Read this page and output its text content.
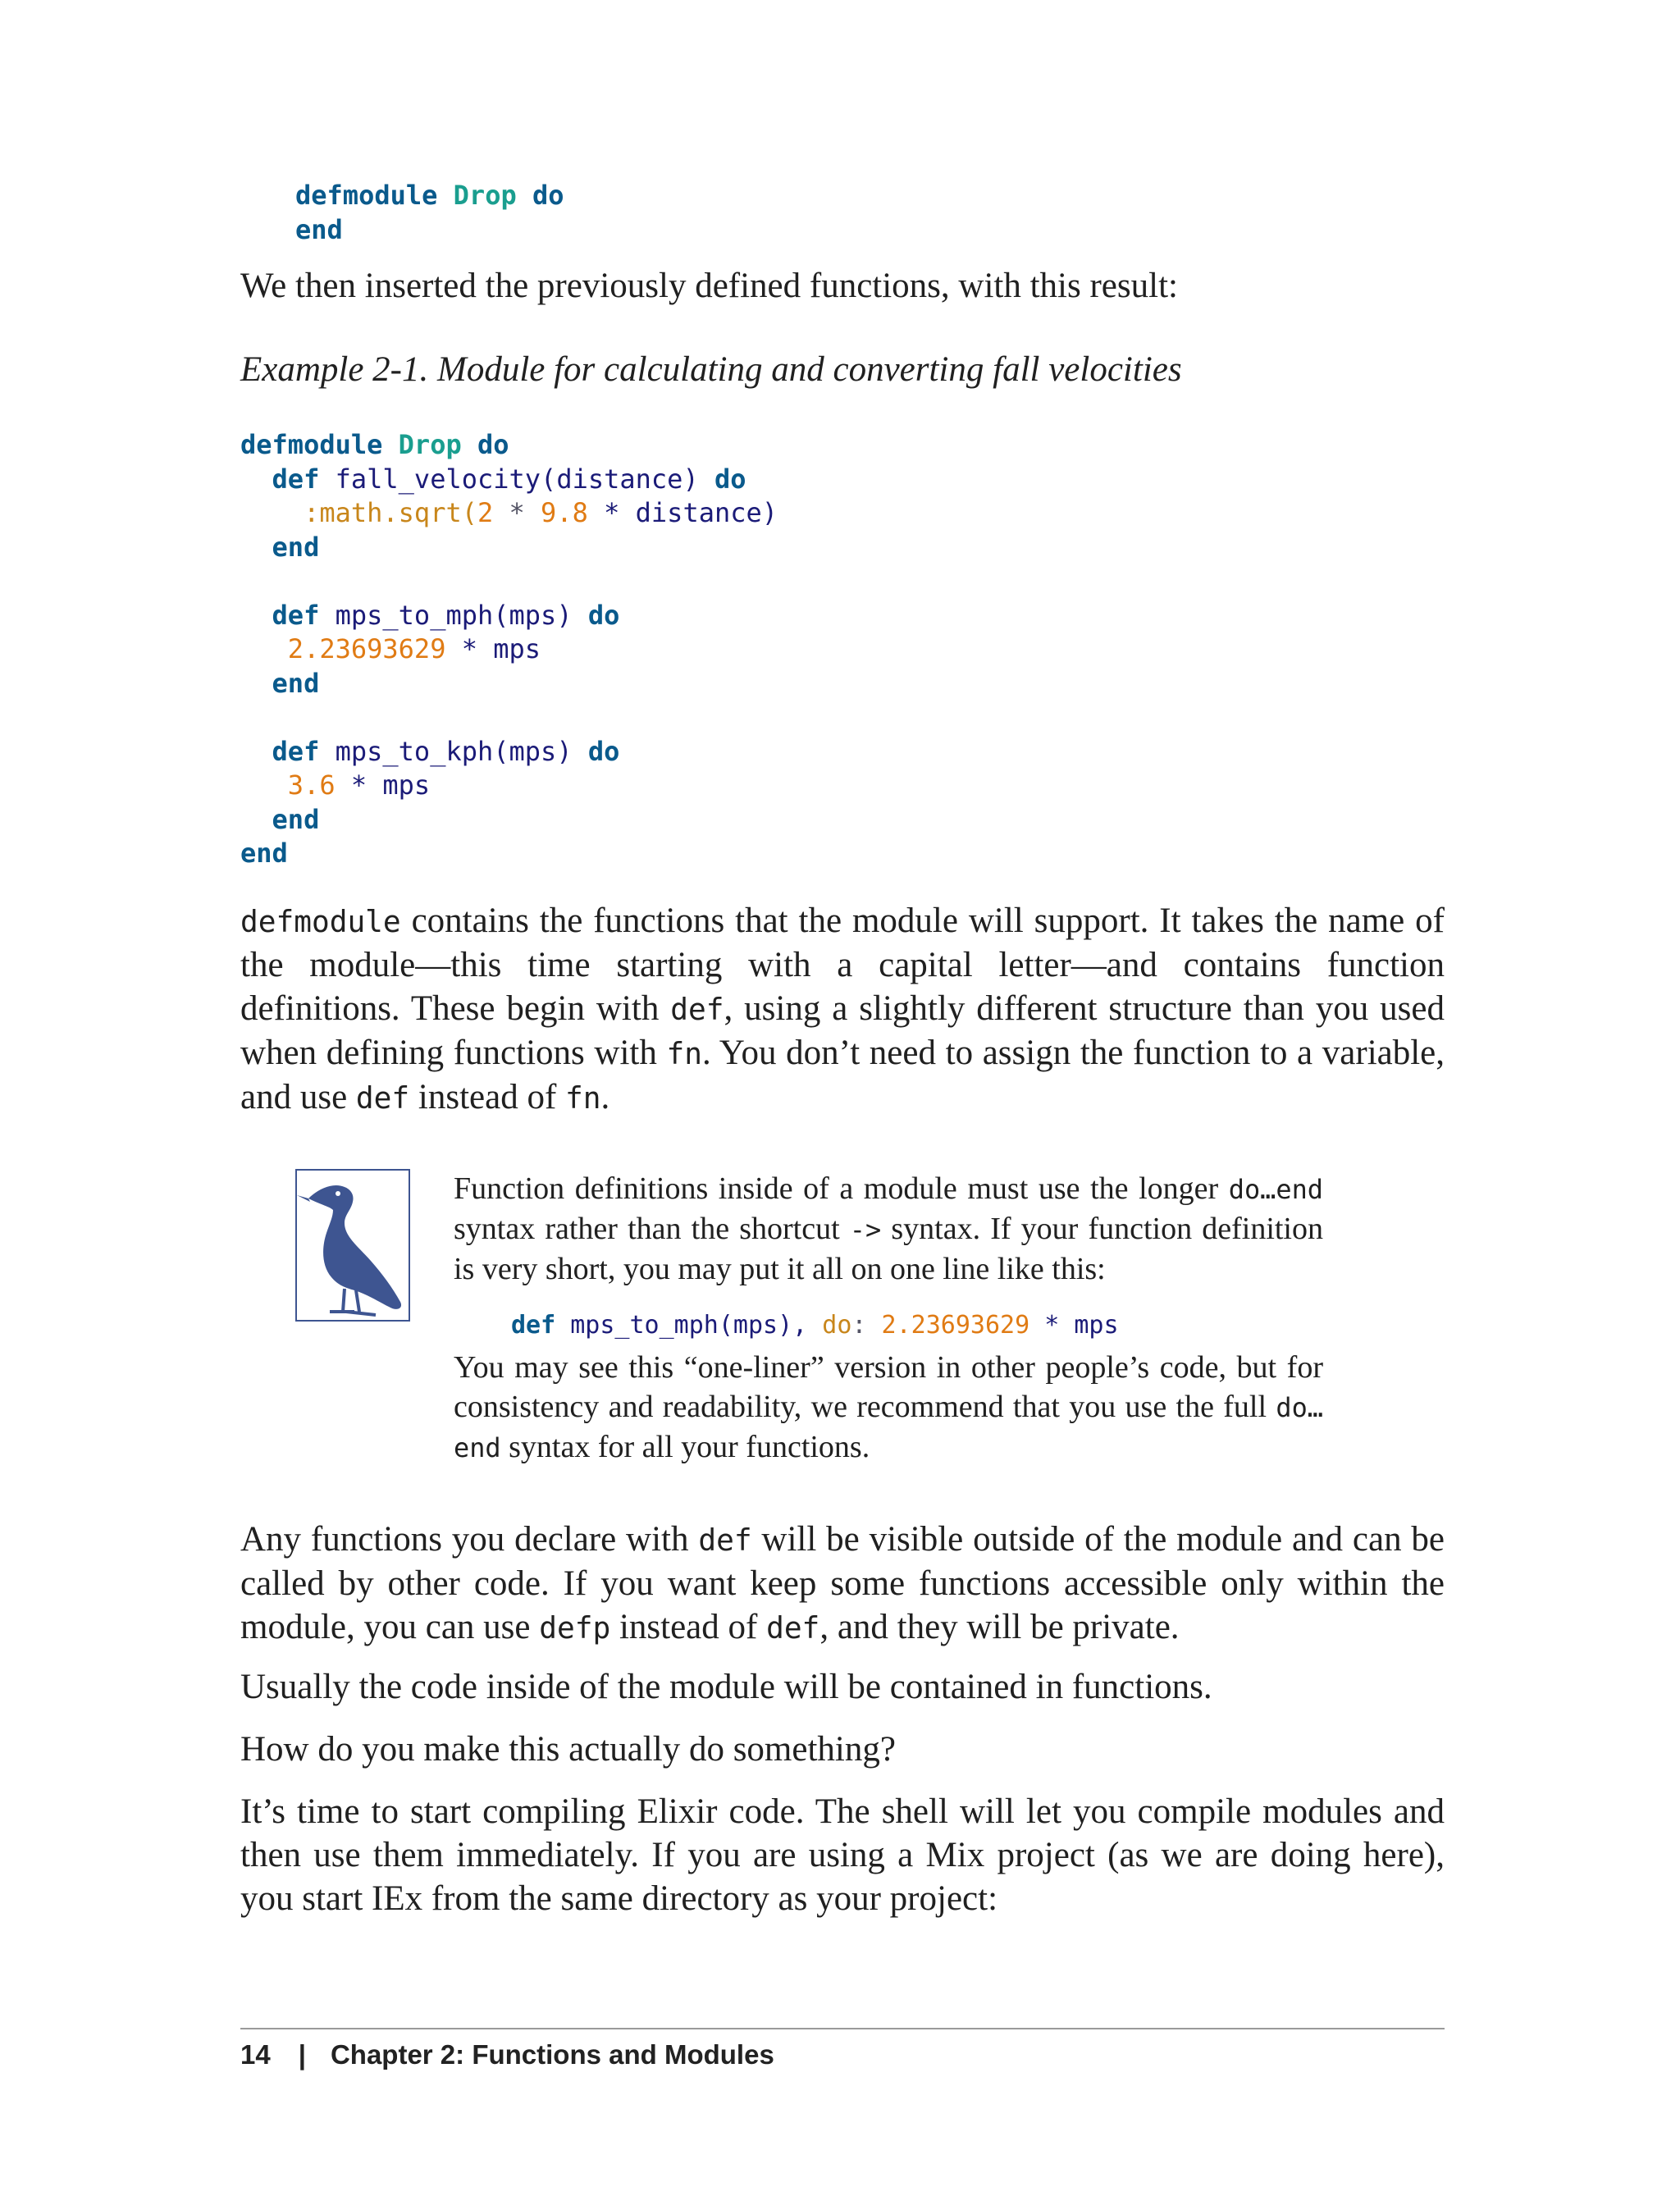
defmodule Drop do
end

We then inserted the previously defined functions, with this result:

Example 2-1. Module for calculating and converting fall velocities

defmodule Drop do
def fall_velocity(distance) do
:math.sqrt(2 * 9.8 * distance)
end

def mps_to_mph(mps) do
2.23693629 * mps
end

def mps_to_kph(mps) do
3.6 * mps
end
end

defmodule contains the functions that the module will support. It takes the name of the module—this time starting with a capital letter—and contains function definitions. These begin with def, using a slightly different structure than you used when defining functions with fn. You don’t need to assign the function to a variable, and use def instead of fn.

Function definitions inside of a module must use the longer do…end syntax rather than the shortcut -> syntax. If your function definition is very short, you may put it all on one line like this:

def mps_to_mph(mps), do: 2.23693629 * mps

You may see this “one-liner” version in other people’s code, but for consistency and readability, we recommend that you use the full do…end syntax for all your functions.

Any functions you declare with def will be visible outside of the module and can be called by other code. If you want keep some functions accessible only within the module, you can use defp instead of def, and they will be private.

Usually the code inside of the module will be contained in functions.

How do you make this actually do something?

It’s time to start compiling Elixir code. The shell will let you compile modules and then use them immediately. If you are using a Mix project (as we are doing here), you start IEx from the same directory as your project:

14 | Chapter 2: Functions and Modules
